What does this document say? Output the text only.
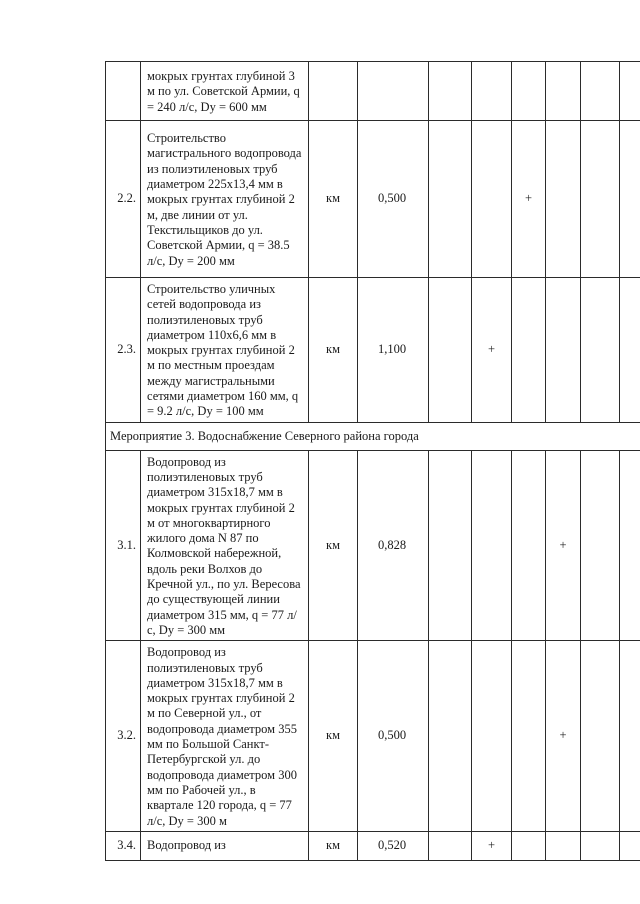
	мокрых грунтах глубиной 3 м по ул. Советской Армии, q = 240 л/с, Dy = 600 мм								
2.2.	Строительство магистрального водопровода из полиэтиленовых труб диаметром 225x13,4 мм в мокрых грунтах глубиной 2 м, две линии от ул. Текстильщиков до ул. Советской Армии, q = 38.5 л/с, Dy = 200 мм	км	0,500			+			
2.3.	Строительство уличных сетей водопровода из полиэтиленовых труб диаметром 110x6,6 мм в мокрых грунтах глубиной 2 м по местным проездам между магистральными сетями диаметром 160 мм, q = 9.2 л/с, Dy = 100 мм	км	1,100		+				
Мероприятие 3. Водоснабжение Северного района города									
3.1.	Водопровод из полиэтиленовых труб диаметром 315x18,7 мм в мокрых грунтах глубиной 2 м от многоквартирного жилого дома N 87 по Колмовской набережной, вдоль реки Волхов до Кречной ул., по ул. Вересова до существующей линии диаметром 315 мм, q = 77 л/с, Dy = 300 мм	км	0,828				+		
3.2.	Водопровод из полиэтиленовых труб диаметром 315x18,7 мм в мокрых грунтах глубиной 2 м по Северной ул., от водопровода диаметром 355 мм по Большой Санкт-Петербургской ул. до водопровода диаметром 300 мм по Рабочей ул., в квартале 120 города, q = 77 л/с, Dy = 300 м	км	0,500				+		
3.4.	Водопровод из	км	0,520		+				
